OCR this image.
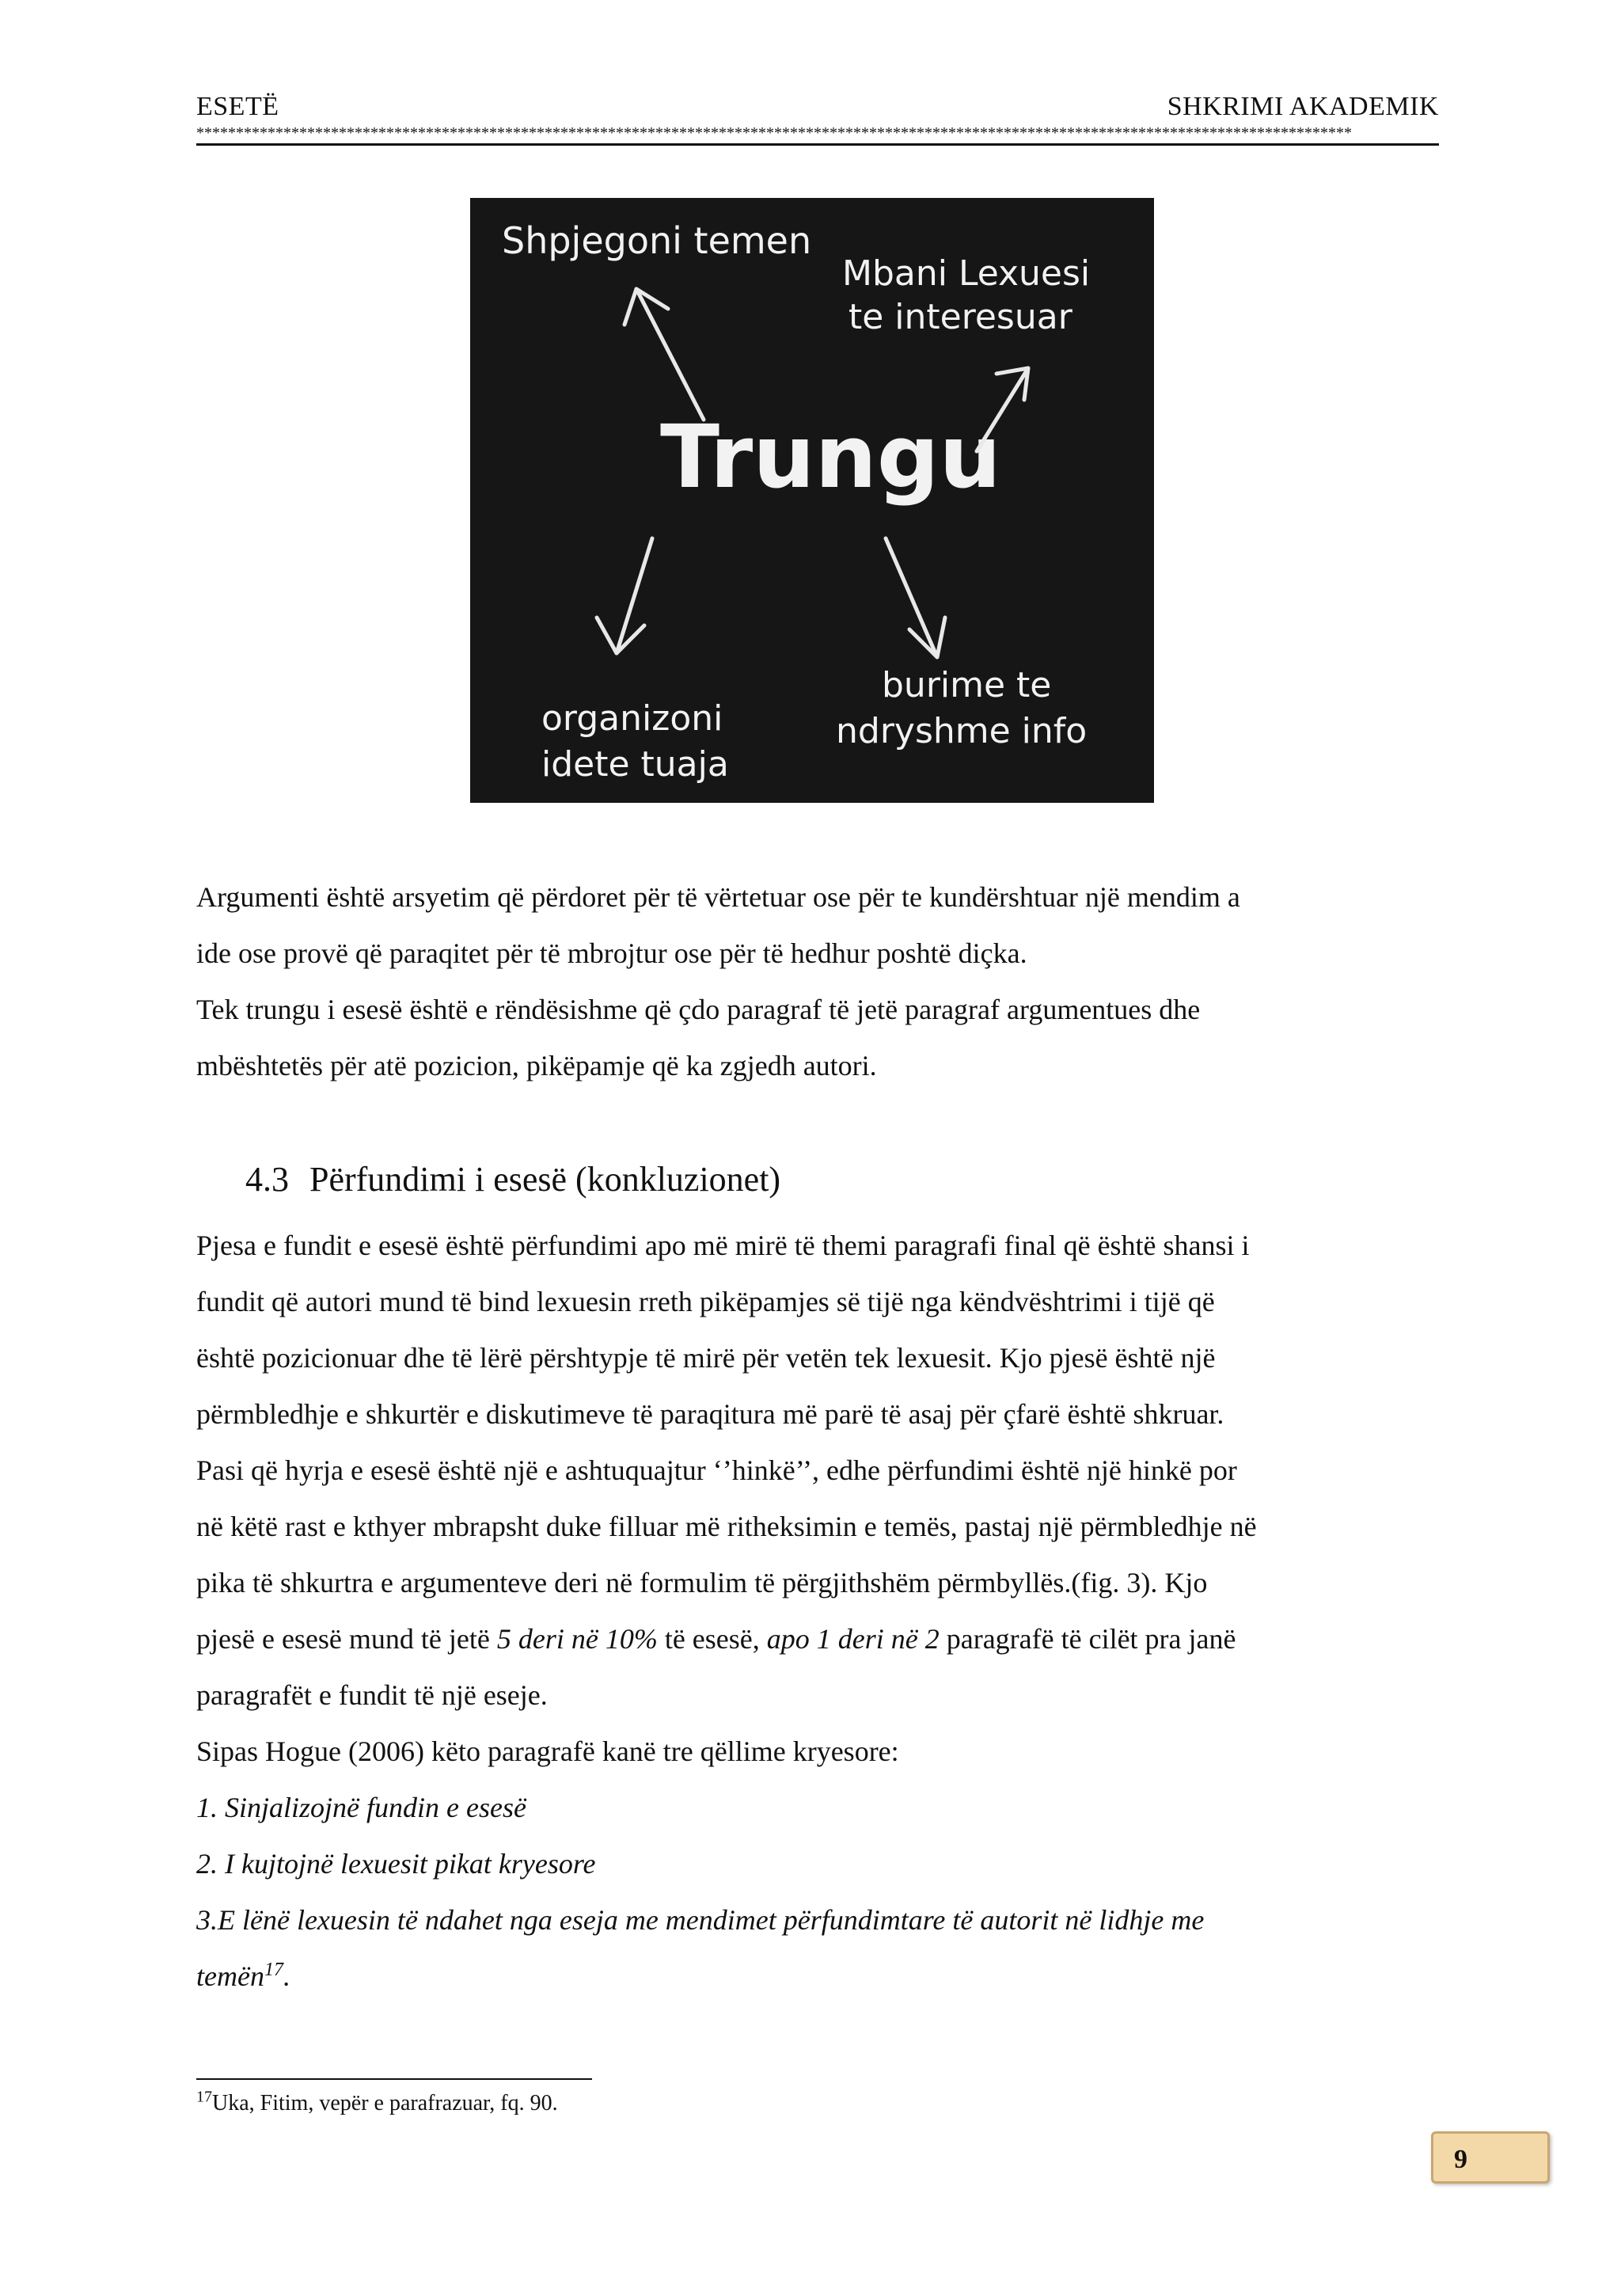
ESETË	SHKRIMI AKADEMIK
**************************************************************************************************************************************************
Shpjegoni temen
Mbani Lexuesi
te interesuar
Trungu
burime te
ndryshme info
organizoni
idete tuaja

Argumenti është arsyetim që përdoret për të vërtetuar ose për te kundërshtuar një mendim a

ide ose provë që paraqitet për të mbrojtur ose për të hedhur poshtë diçka.

Tek trungu i esesë është e rëndësishme që çdo paragraf të jetë paragraf argumentues dhe

mbështetës për atë pozicion, pikëpamje që ka zgjedh autori.

4.3 Përfundimi i esesë (konkluzionet)

Pjesa e fundit e esesë është përfundimi apo më mirë të themi paragrafi final që është shansi i

fundit që autori mund të bind lexuesin rreth pikëpamjes së tijë nga këndvështrimi i tijë që

është pozicionuar dhe të lërë përshtypje të mirë për vetën tek lexuesit. Kjo pjesë është një

përmbledhje e shkurtër e diskutimeve të paraqitura më parë të asaj për çfarë është shkruar.

Pasi që hyrja e esesë është një e ashtuquajtur ‘’hinkë’’, edhe përfundimi është një hinkë por

në këtë rast e kthyer mbrapsht duke filluar më ritheksimin e temës, pastaj një përmbledhje në

pika të shkurtra e argumenteve deri në formulim të përgjithshëm përmbyllës.(fig. 3). Kjo

pjesë e esesë mund të jetë 5 deri në 10% të esesë, apo 1 deri në 2 paragrafë të cilët pra janë

paragrafët e fundit të një eseje.

Sipas Hogue (2006) këto paragrafë kanë tre qëllime kryesore:

1. Sinjalizojnë fundin e esesë

2. I kujtojnë lexuesit pikat kryesore

3.E lënë lexuesin të ndahet nga eseja me mendimet përfundimtare të autorit në lidhje me

temën$^{17}$.

$^{17}$Uka, Fitim, vepër e parafrazuar, fq. 90.
9
